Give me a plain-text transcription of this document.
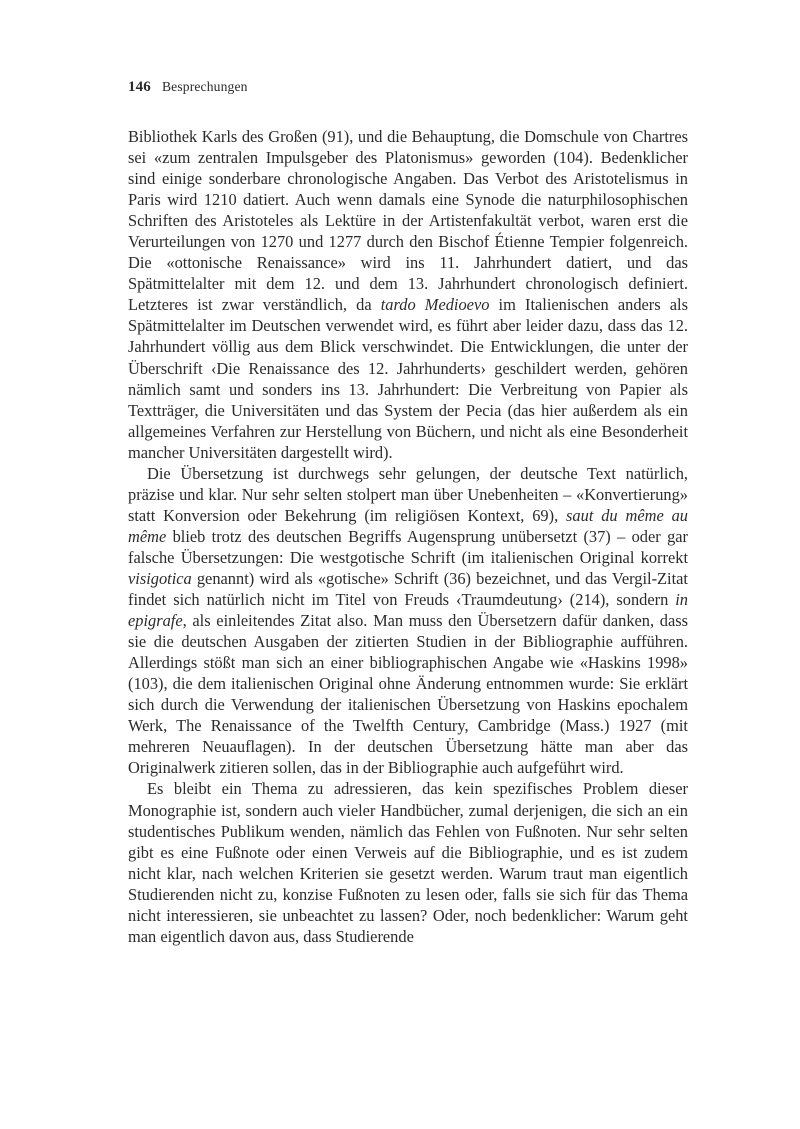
146 Besprechungen

Bibliothek Karls des Großen (91), und die Behauptung, die Domschule von Chartres sei «zum zentralen Impulsgeber des Platonismus» geworden (104). Bedenklicher sind einige sonderbare chronologische Angaben. Das Verbot des Aristotelismus in Paris wird 1210 datiert. Auch wenn damals eine Synode die naturphilosophischen Schriften des Aristoteles als Lektüre in der Artistenfakultät verbot, waren erst die Verurteilungen von 1270 und 1277 durch den Bischof Étienne Tempier folgenreich. Die «ottonische Renaissance» wird ins 11. Jahrhundert datiert, und das Spätmittelalter mit dem 12. und dem 13. Jahrhundert chronologisch definiert. Letzteres ist zwar verständlich, da tardo Medioevo im Italienischen anders als Spätmittelalter im Deutschen verwendet wird, es führt aber leider dazu, dass das 12. Jahrhundert völlig aus dem Blick verschwindet. Die Entwicklungen, die unter der Überschrift ‹Die Renaissance des 12. Jahrhunderts› geschildert werden, gehören nämlich samt und sonders ins 13. Jahrhundert: Die Verbreitung von Papier als Textträger, die Universitäten und das System der Pecia (das hier außerdem als ein allgemeines Verfahren zur Herstellung von Büchern, und nicht als eine Besonderheit mancher Universitäten dargestellt wird).

Die Übersetzung ist durchwegs sehr gelungen, der deutsche Text natürlich, präzise und klar. Nur sehr selten stolpert man über Unebenheiten – «Konvertierung» statt Konversion oder Bekehrung (im religiösen Kontext, 69), saut du même au même blieb trotz des deutschen Begriffs Augensprung unübersetzt (37) – oder gar falsche Übersetzungen: Die westgotische Schrift (im italienischen Original korrekt visigotica genannt) wird als «gotische» Schrift (36) bezeichnet, und das Vergil-Zitat findet sich natürlich nicht im Titel von Freuds ‹Traumdeutung› (214), sondern in epigrafe, als einleitendes Zitat also. Man muss den Übersetzern dafür danken, dass sie die deutschen Ausgaben der zitierten Studien in der Bibliographie aufführen. Allerdings stößt man sich an einer bibliographischen Angabe wie «Haskins 1998» (103), die dem italienischen Original ohne Änderung entnommen wurde: Sie erklärt sich durch die Verwendung der italienischen Übersetzung von Haskins epochalem Werk, The Renaissance of the Twelfth Century, Cambridge (Mass.) 1927 (mit mehreren Neuauflagen). In der deutschen Übersetzung hätte man aber das Originalwerk zitieren sollen, das in der Bibliographie auch aufgeführt wird.

Es bleibt ein Thema zu adressieren, das kein spezifisches Problem dieser Monographie ist, sondern auch vieler Handbücher, zumal derjenigen, die sich an ein studentisches Publikum wenden, nämlich das Fehlen von Fußnoten. Nur sehr selten gibt es eine Fußnote oder einen Verweis auf die Bibliographie, und es ist zudem nicht klar, nach welchen Kriterien sie gesetzt werden. Warum traut man eigentlich Studierenden nicht zu, konzise Fußnoten zu lesen oder, falls sie sich für das Thema nicht interessieren, sie unbeachtet zu lassen? Oder, noch bedenklicher: Warum geht man eigentlich davon aus, dass Studierende
